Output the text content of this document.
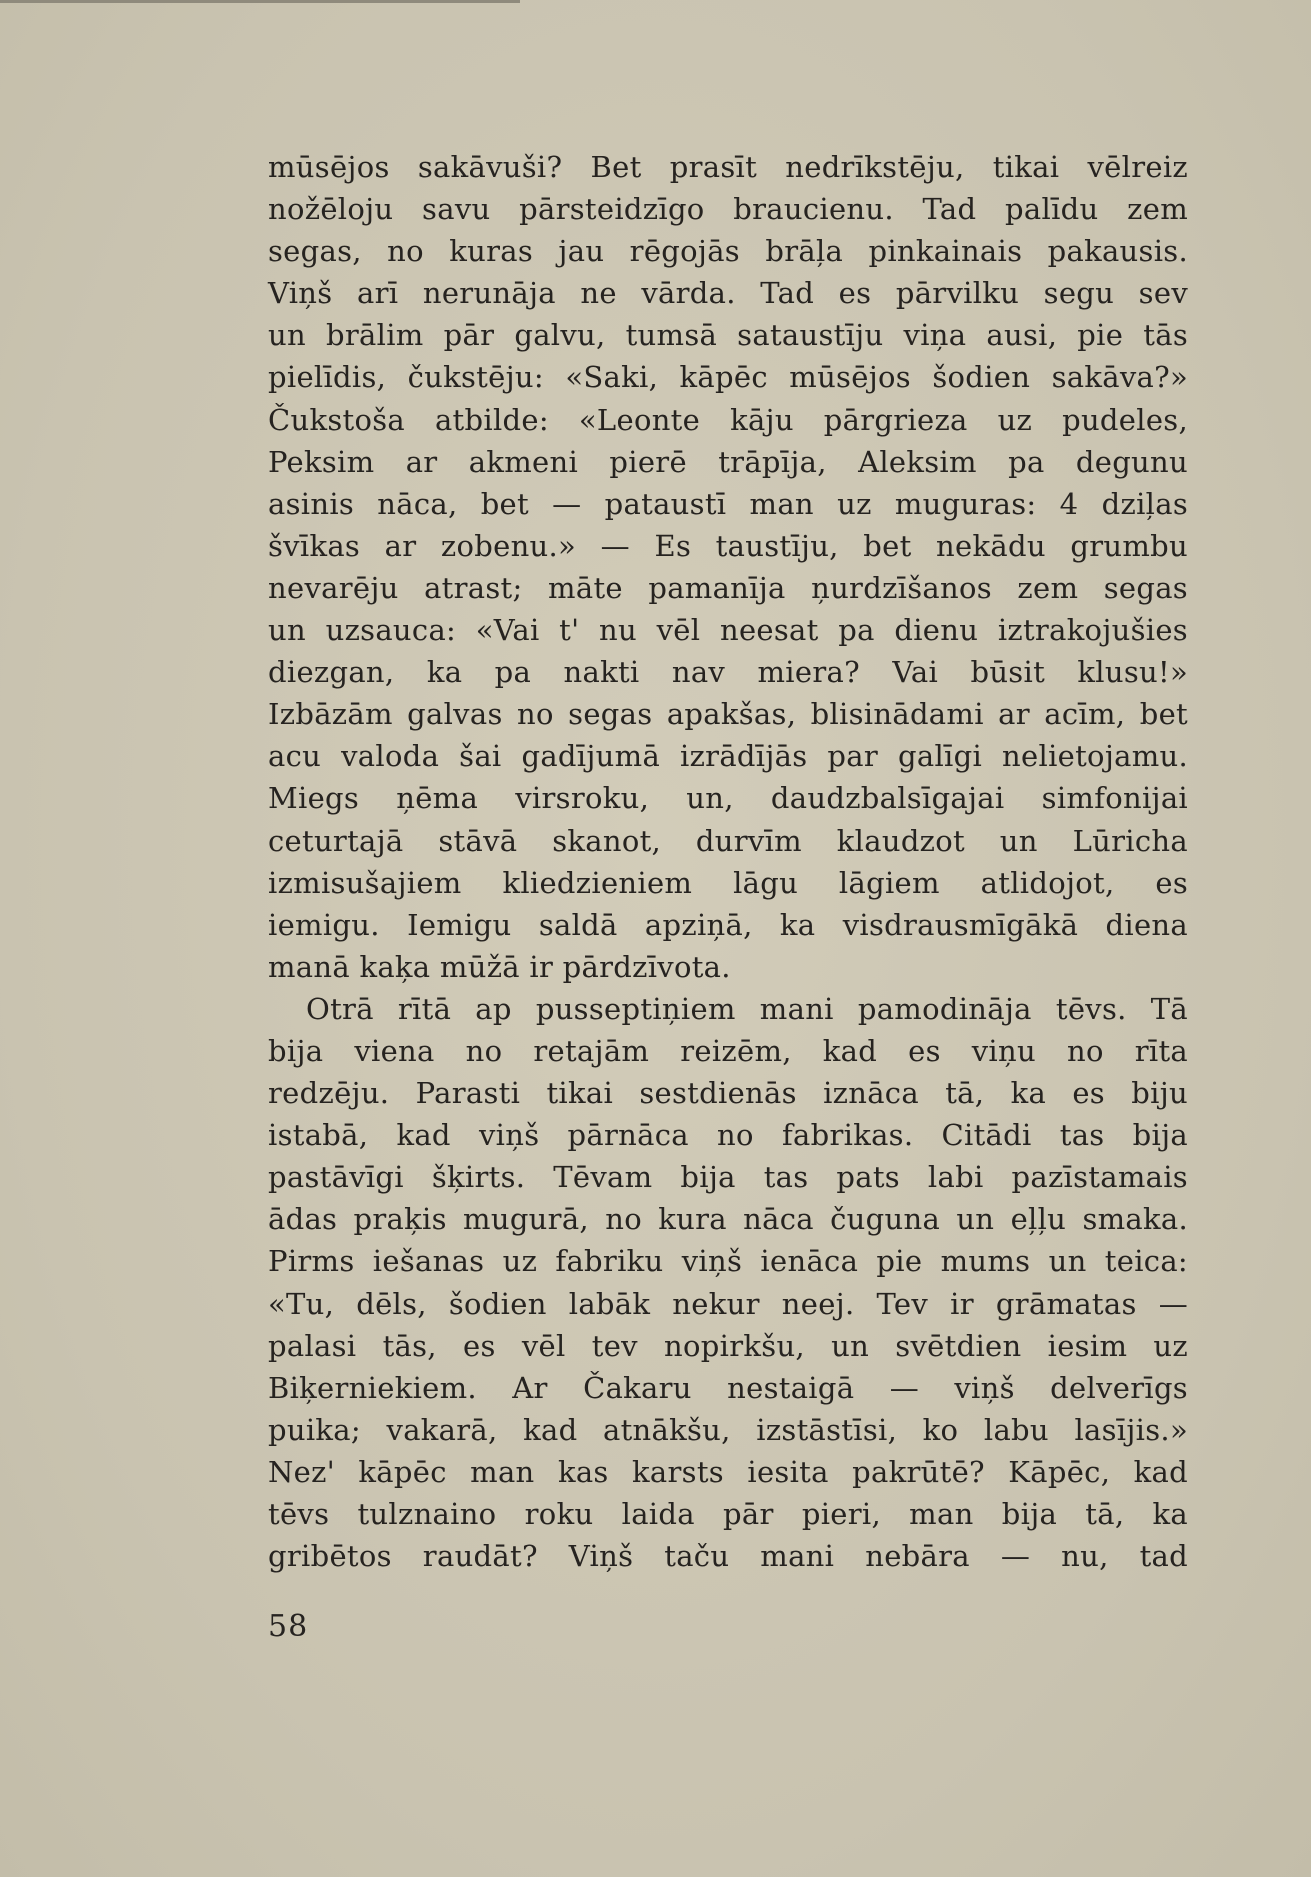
mūsējos sakāvuši? Bet prasīt nedrīkstēju, tikai vēlreiz
nožēloju savu pārsteidzīgo braucienu. Tad palīdu zem
segas, no kuras jau rēgojās brāļa pinkainais pakausis.
Viņš arī nerunāja ne vārda. Tad es pārvilku segu sev
un brālim pār galvu, tumsā sataustīju viņa ausi, pie tās
pielīdis, čukstēju: «Saki, kāpēc mūsējos šodien sakāva?»
Čukstoša atbilde: «Leonte kāju pārgrieza uz pudeles,
Peksim ar akmeni pierē trāpīja, Aleksim pa degunu
asinis nāca, bet — pataustī man uz muguras: 4 dziļas
švīkas ar zobenu.» — Es taustīju, bet nekādu grumbu
nevarēju atrast; māte pamanīja ņurdzīšanos zem segas
un uzsauca: «Vai t' nu vēl neesat pa dienu iztrakojušies
diezgan, ka pa nakti nav miera? Vai būsit klusu!»
Izbāzām galvas no segas apakšas, blisinādami ar acīm, bet
acu valoda šai gadījumā izrādījās par galīgi nelietojamu.
Miegs ņēma virsroku, un, daudzbalsīgajai simfonijai
ceturtajā stāvā skanot, durvīm klaudzot un Lūricha
izmisušajiem kliedzieniem lāgu lāgiem atlidojot, es
iemigu. Iemigu saldā apziņā, ka visdrausmīgākā diena
manā kaķa mūžā ir pārdzīvota.
Otrā rītā ap pusseptiņiem mani pamodināja tēvs. Tā
bija viena no retajām reizēm, kad es viņu no rīta
redzēju. Parasti tikai sestdienās iznāca tā, ka es biju
istabā, kad viņš pārnāca no fabrikas. Citādi tas bija
pastāvīgi šķirts. Tēvam bija tas pats labi pazīstamais
ādas praķis mugurā, no kura nāca čuguna un eļļu smaka.
Pirms iešanas uz fabriku viņš ienāca pie mums un teica:
«Tu, dēls, šodien labāk nekur neej. Tev ir grāmatas —
palasi tās, es vēl tev nopirkšu, un svētdien iesim uz
Biķerniekiem. Ar Čakaru nestaigā — viņš delverīgs
puika; vakarā, kad atnākšu, izstāstīsi, ko labu lasījis.»
Nez' kāpēc man kas karsts iesita pakrūtē? Kāpēc, kad
tēvs tulznaino roku laida pār pieri, man bija tā, ka
gribētos raudāt? Viņš taču mani nebāra — nu, tad
58
